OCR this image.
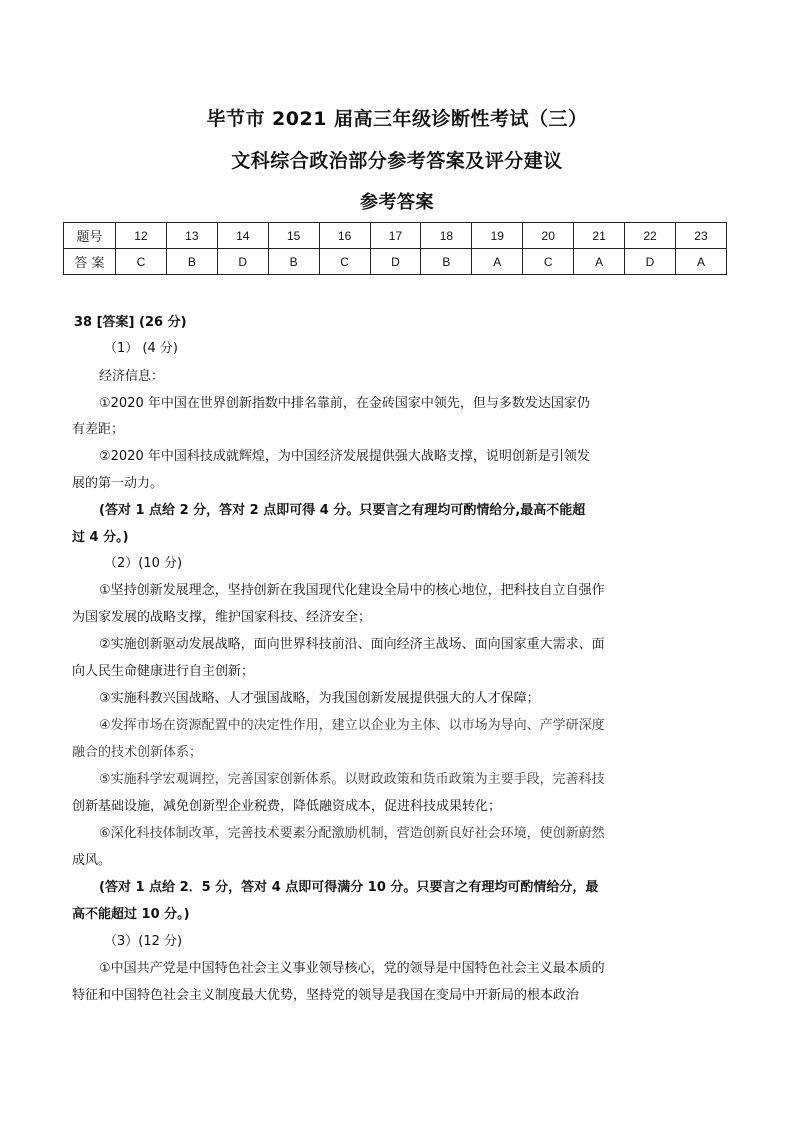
毕节市 2021 届高三年级诊断性考试（三）
文科综合政治部分参考答案及评分建议
参考答案
题号	12	13	14	15	16	17	18	19	20	21	22	23
答 案	C	B	D	B	C	D	B	A	C	A	D	A
38 [答案] (26 分)
（1） (4 分)
经济信息：
①2020 年中国在世界创新指数中排名靠前，在金砖国家中领先，但与多数发达国家仍
有差距；
②2020 年中国科技成就辉煌，为中国经济发展提供强大战略支撑，说明创新是引领发
展的第一动力。
(答对 1 点给 2 分，答对 2 点即可得 4 分。只要言之有理均可酌情给分,最高不能超
过 4 分。)
（2）(10 分)
①坚持创新发展理念，坚持创新在我国现代化建设全局中的核心地位，把科技自立自强作
为国家发展的战略支撑，维护国家科技、经济安全；
②实施创新驱动发展战略，面向世界科技前沿、面向经济主战场、面向国家重大需求、面
向人民生命健康进行自主创新；
③实施科教兴国战略、人才强国战略，为我国创新发展提供强大的人才保障；
④发挥市场在资源配置中的决定性作用，建立以企业为主体、以市场为导向、产学研深度
融合的技术创新体系；
⑤实施科学宏观调控，完善国家创新体系。以财政政策和货币政策为主要手段，完善科技
创新基础设施，减免创新型企业税费，降低融资成本，促进科技成果转化；
⑥深化科技体制改革，完善技术要素分配激励机制，营造创新良好社会环境，使创新蔚然
成风。
(答对 1 点给 2．5 分，答对 4 点即可得满分 10 分。只要言之有理均可酌情给分，最
高不能超过 10 分。)
（3）(12 分)
①中国共产党是中国特色社会主义事业领导核心，党的领导是中国特色社会主义最本质的
特征和中国特色社会主义制度最大优势，坚持党的领导是我国在变局中开新局的根本政治
